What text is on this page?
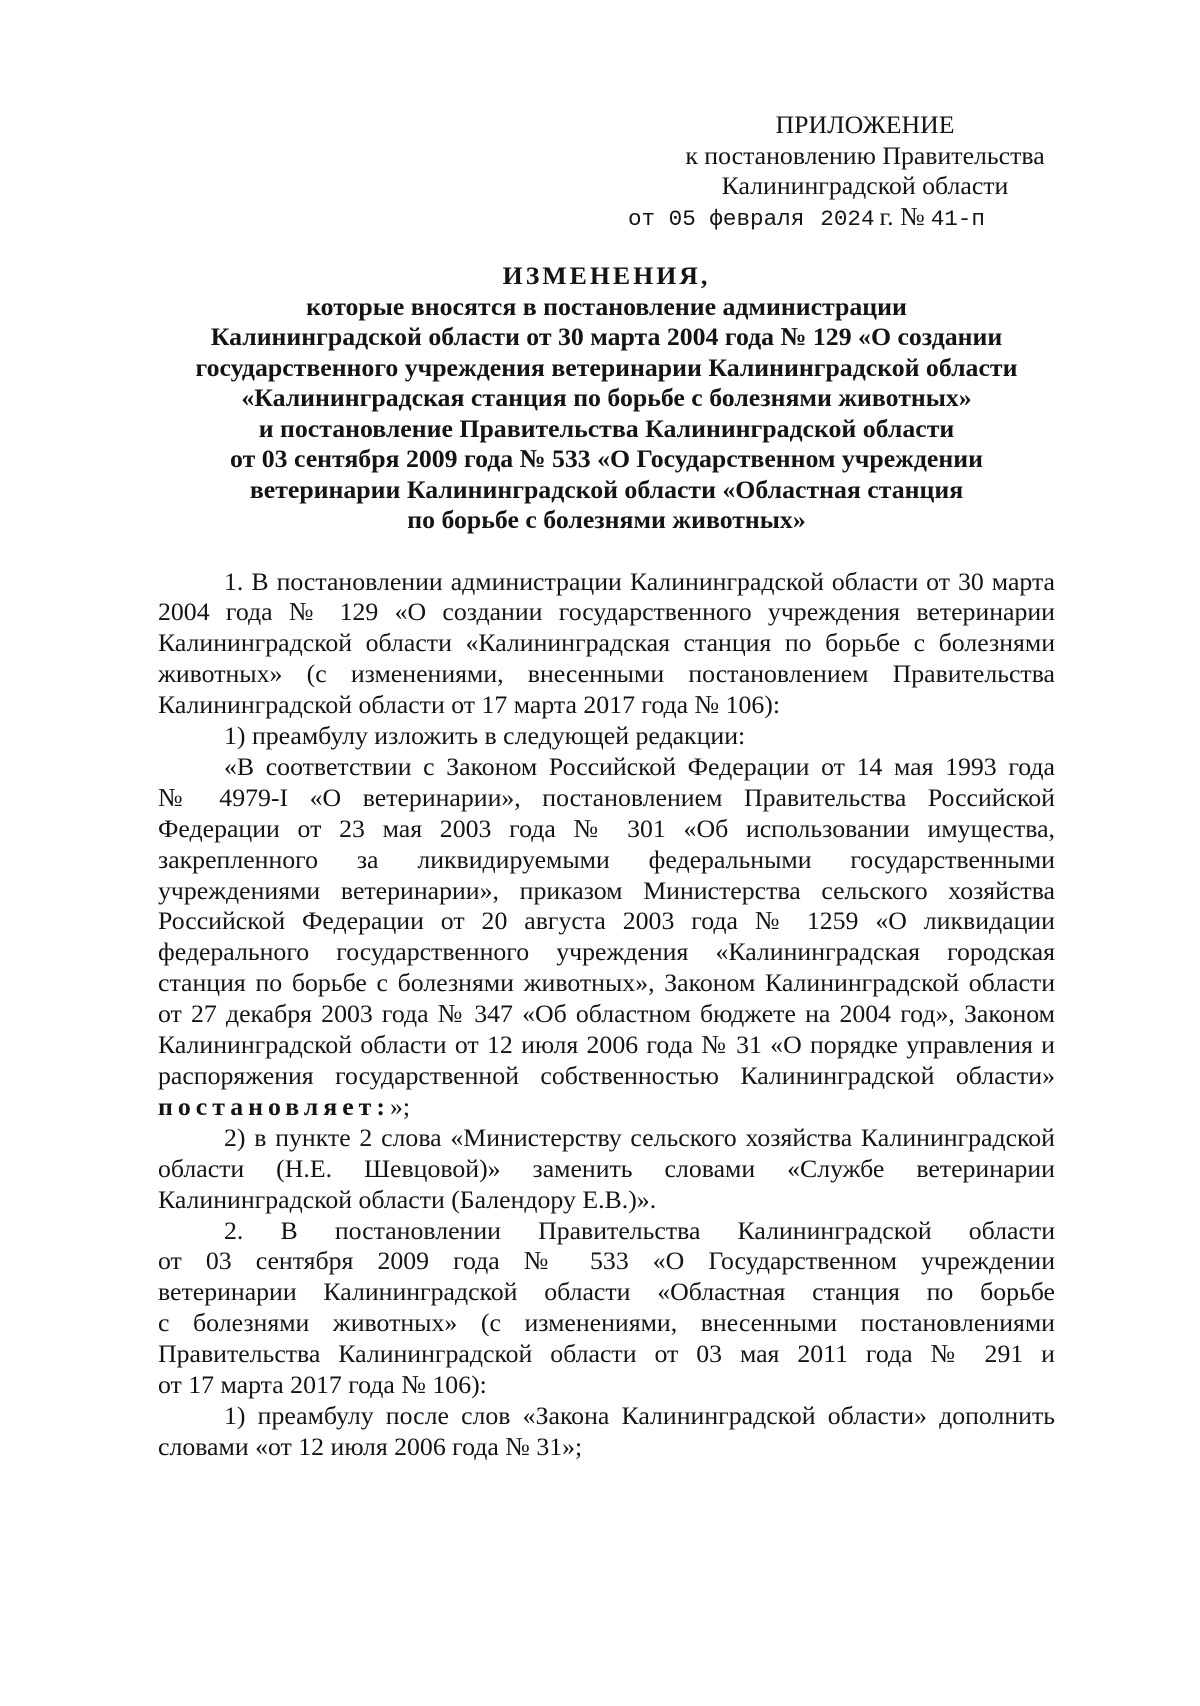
ПРИЛОЖЕНИЕ
к постановлению Правительства
Калининградской области
от 05 февраля 2024 г. № 41-п
ИЗМЕНЕНИЯ,
которые вносятся в постановление администрации
Калининградской области от 30 марта 2004 года № 129 «О создании
государственного учреждения ветеринарии Калининградской области
«Калининградская станция по борьбе с болезнями животных»
и постановление Правительства Калининградской области
от 03 сентября 2009 года № 533 «О Государственном учреждении
ветеринарии Калининградской области «Областная станция
по борьбе с болезнями животных»
1. В постановлении администрации Калининградской области от 30 марта
2004 года № 129 «О создании государственного учреждения ветеринарии
Калининградской области «Калининградская станция по борьбе с болезнями
животных» (с изменениями, внесенными постановлением Правительства
Калининградской области от 17 марта 2017 года № 106):
1) преамбулу изложить в следующей редакции:
«В соответствии с Законом Российской Федерации от 14 мая 1993 года
№ 4979-I «О ветеринарии», постановлением Правительства Российской
Федерации от 23 мая 2003 года № 301 «Об использовании имущества,
закрепленного за ликвидируемыми федеральными государственными
учреждениями ветеринарии», приказом Министерства сельского хозяйства
Российской Федерации от 20 августа 2003 года № 1259 «О ликвидации
федерального государственного учреждения «Калининградская городская
станция по борьбе с болезнями животных», Законом Калининградской области
от 27 декабря 2003 года № 347 «Об областном бюджете на 2004 год», Законом
Калининградской области от 12 июля 2006 года № 31 «О порядке управления и
распоряжения государственной собственностью Калининградской области»
постановляет:»;
2) в пункте 2 слова «Министерству сельского хозяйства Калининградской
области (Н.Е. Шевцовой)» заменить словами «Службе ветеринарии
Калининградской области (Балендору Е.В.)».
2. В постановлении Правительства Калининградской области
от 03 сентября 2009 года № 533 «О Государственном учреждении
ветеринарии Калининградской области «Областная станция по борьбе
с болезнями животных» (с изменениями, внесенными постановлениями
Правительства Калининградской области от 03 мая 2011 года № 291 и
от 17 марта 2017 года № 106):
1) преамбулу после слов «Закона Калининградской области» дополнить
словами «от 12 июля 2006 года № 31»;
